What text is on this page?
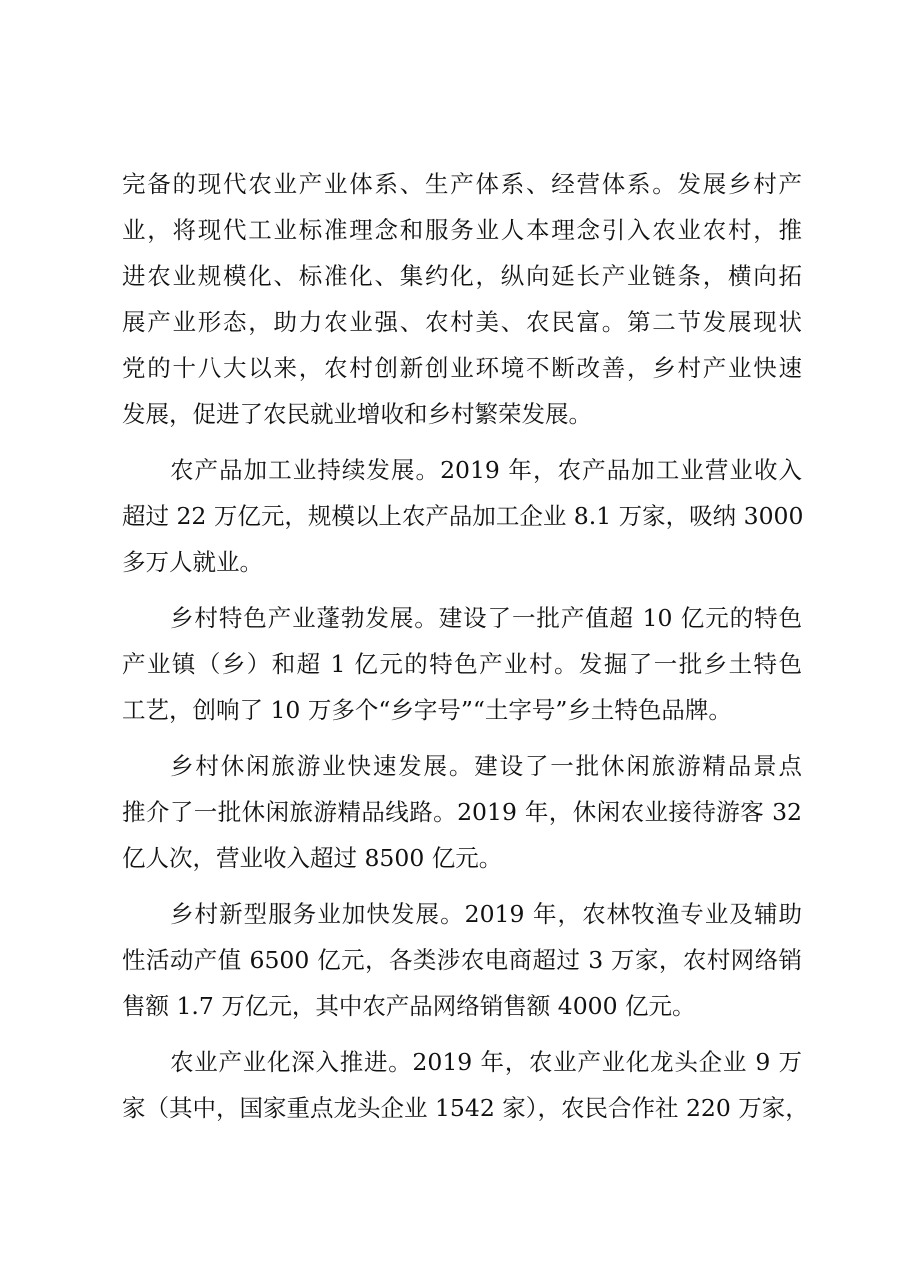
完备的现代农业产业体系、生产体系、经营体系。发展乡村产
业，将现代工业标准理念和服务业人本理念引入农业农村，推
进农业规模化、标准化、集约化，纵向延长产业链条，横向拓
展产业形态，助力农业强、农村美、农民富。第二节发展现状
党的十八大以来，农村创新创业环境不断改善，乡村产业快速
发展，促进了农民就业增收和乡村繁荣发展。
农产品加工业持续发展。2019 年，农产品加工业营业收入
超过 22 万亿元，规模以上农产品加工企业 8.1 万家，吸纳 3000
多万人就业。
乡村特色产业蓬勃发展。建设了一批产值超 10 亿元的特色
产业镇（乡）和超 1 亿元的特色产业村。发掘了一批乡土特色
工艺，创响了 10 万多个“乡字号”“土字号”乡土特色品牌。
乡村休闲旅游业快速发展。建设了一批休闲旅游精品景点
推介了一批休闲旅游精品线路。2019 年，休闲农业接待游客 32
亿人次，营业收入超过 8500 亿元。
乡村新型服务业加快发展。2019 年，农林牧渔专业及辅助
性活动产值 6500 亿元，各类涉农电商超过 3 万家，农村网络销
售额 1.7 万亿元，其中农产品网络销售额 4000 亿元。
农业产业化深入推进。2019 年，农业产业化龙头企业 9 万
家（其中，国家重点龙头企业 1542 家），农民合作社 220 万家，
